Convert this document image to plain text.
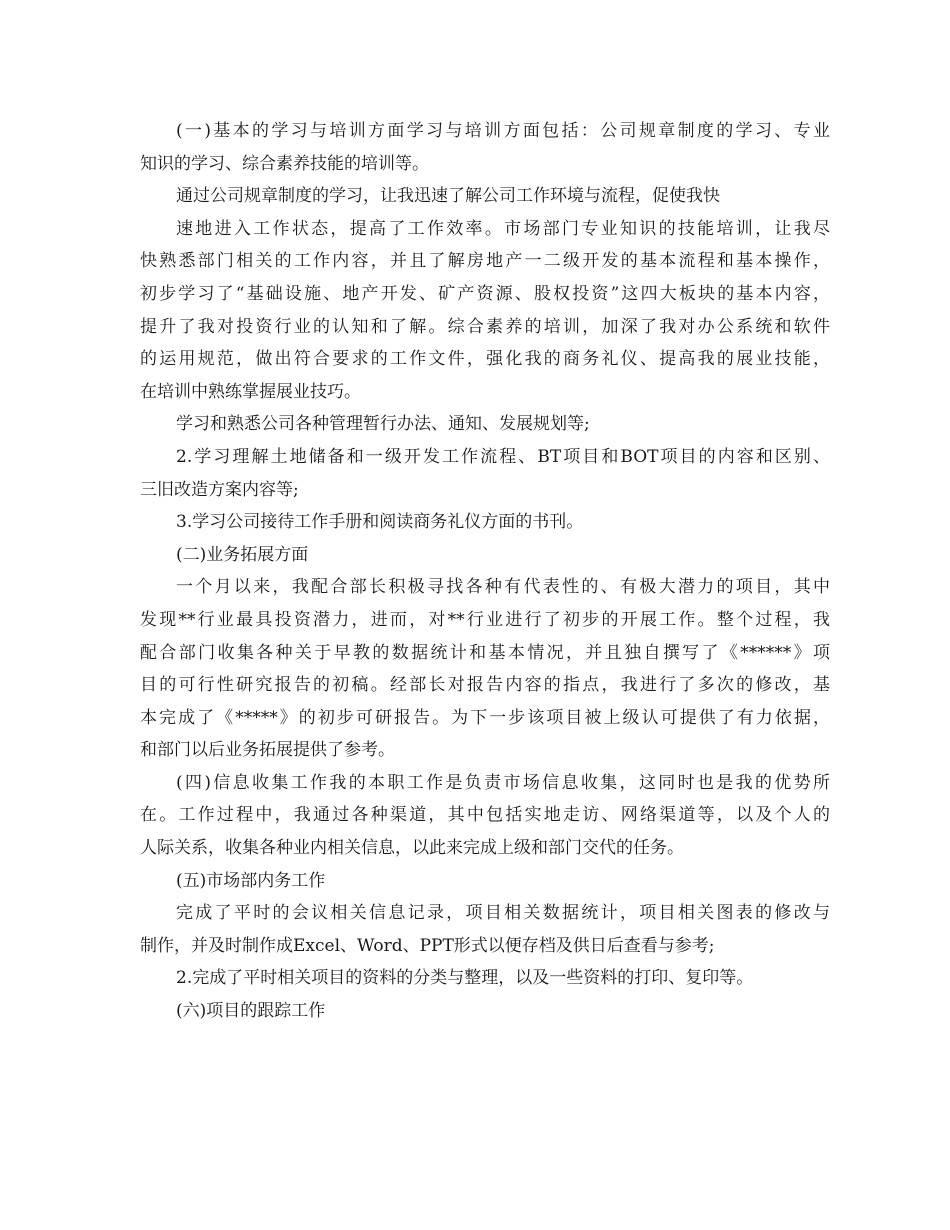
(一)基本的学习与培训方面学习与培训方面包括：公司规章制度的学习、专业
知识的学习、综合素养技能的培训等。
通过公司规章制度的学习，让我迅速了解公司工作环境与流程，促使我快
速地进入工作状态，提高了工作效率。市场部门专业知识的技能培训，让我尽
快熟悉部门相关的工作内容，并且了解房地产一二级开发的基本流程和基本操作，
初步学习了“基础设施、地产开发、矿产资源、股权投资”这四大板块的基本内容，
提升了我对投资行业的认知和了解。综合素养的培训，加深了我对办公系统和软件
的运用规范，做出符合要求的工作文件，强化我的商务礼仪、提高我的展业技能，
在培训中熟练掌握展业技巧。
学习和熟悉公司各种管理暂行办法、通知、发展规划等;
2.学习理解土地储备和一级开发工作流程、BT项目和BOT项目的内容和区别、
三旧改造方案内容等;
3.学习公司接待工作手册和阅读商务礼仪方面的书刊。
(二)业务拓展方面
一个月以来，我配合部长积极寻找各种有代表性的、有极大潜力的项目，其中
发现**行业最具投资潜力，进而，对**行业进行了初步的开展工作。整个过程，我
配合部门收集各种关于早教的数据统计和基本情况，并且独自撰写了《******》项
目的可行性研究报告的初稿。经部长对报告内容的指点，我进行了多次的修改，基
本完成了《*****》的初步可研报告。为下一步该项目被上级认可提供了有力依据，
和部门以后业务拓展提供了参考。
(四)信息收集工作我的本职工作是负责市场信息收集，这同时也是我的优势所
在。工作过程中，我通过各种渠道，其中包括实地走访、网络渠道等，以及个人的
人际关系，收集各种业内相关信息，以此来完成上级和部门交代的任务。
(五)市场部内务工作
完成了平时的会议相关信息记录，项目相关数据统计，项目相关图表的修改与
制作，并及时制作成Excel、Word、PPT形式以便存档及供日后查看与参考;
2.完成了平时相关项目的资料的分类与整理，以及一些资料的打印、复印等。
(六)项目的跟踪工作
